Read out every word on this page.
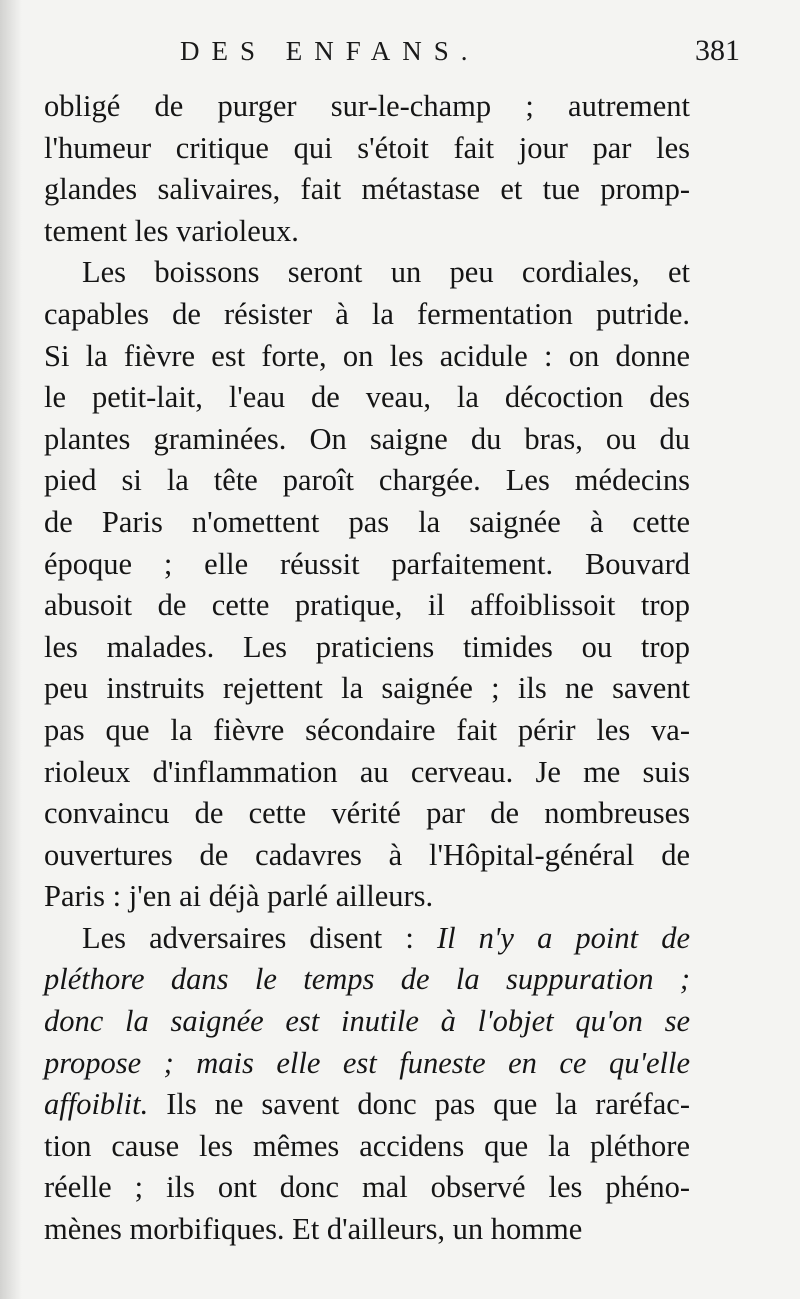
DES ENFANS.	381
obligé de purger sur-le-champ ; autrement
l'humeur critique qui s'étoit fait jour par les
glandes salivaires, fait métastase et tue promp-
tement les varioleux.
Les boissons seront un peu cordiales, et
capables de résister à la fermentation putride.
Si la fièvre est forte, on les acidule : on donne
le petit-lait, l'eau de veau, la décoction des
plantes graminées. On saigne du bras, ou du
pied si la tête paroît chargée. Les médecins
de Paris n'omettent pas la saignée à cette
époque ; elle réussit parfaitement. Bouvard
abusoit de cette pratique, il affoiblissoit trop
les malades. Les praticiens timides ou trop
peu instruits rejettent la saignée ; ils ne savent
pas que la fièvre sécondaire fait périr les va-
rioleux d'inflammation au cerveau. Je me suis
convaincu de cette vérité par de nombreuses
ouvertures de cadavres à l'Hôpital-général de
Paris : j'en ai déjà parlé ailleurs.
Les adversaires disent : Il n'y a point de
pléthore dans le temps de la suppuration ;
donc la saignée est inutile à l'objet qu'on se
propose ; mais elle est funeste en ce qu'elle
affoiblit. Ils ne savent donc pas que la raréfac-
tion cause les mêmes accidens que la pléthore
réelle ; ils ont donc mal observé les phéno-
mènes morbifiques. Et d'ailleurs, un homme
